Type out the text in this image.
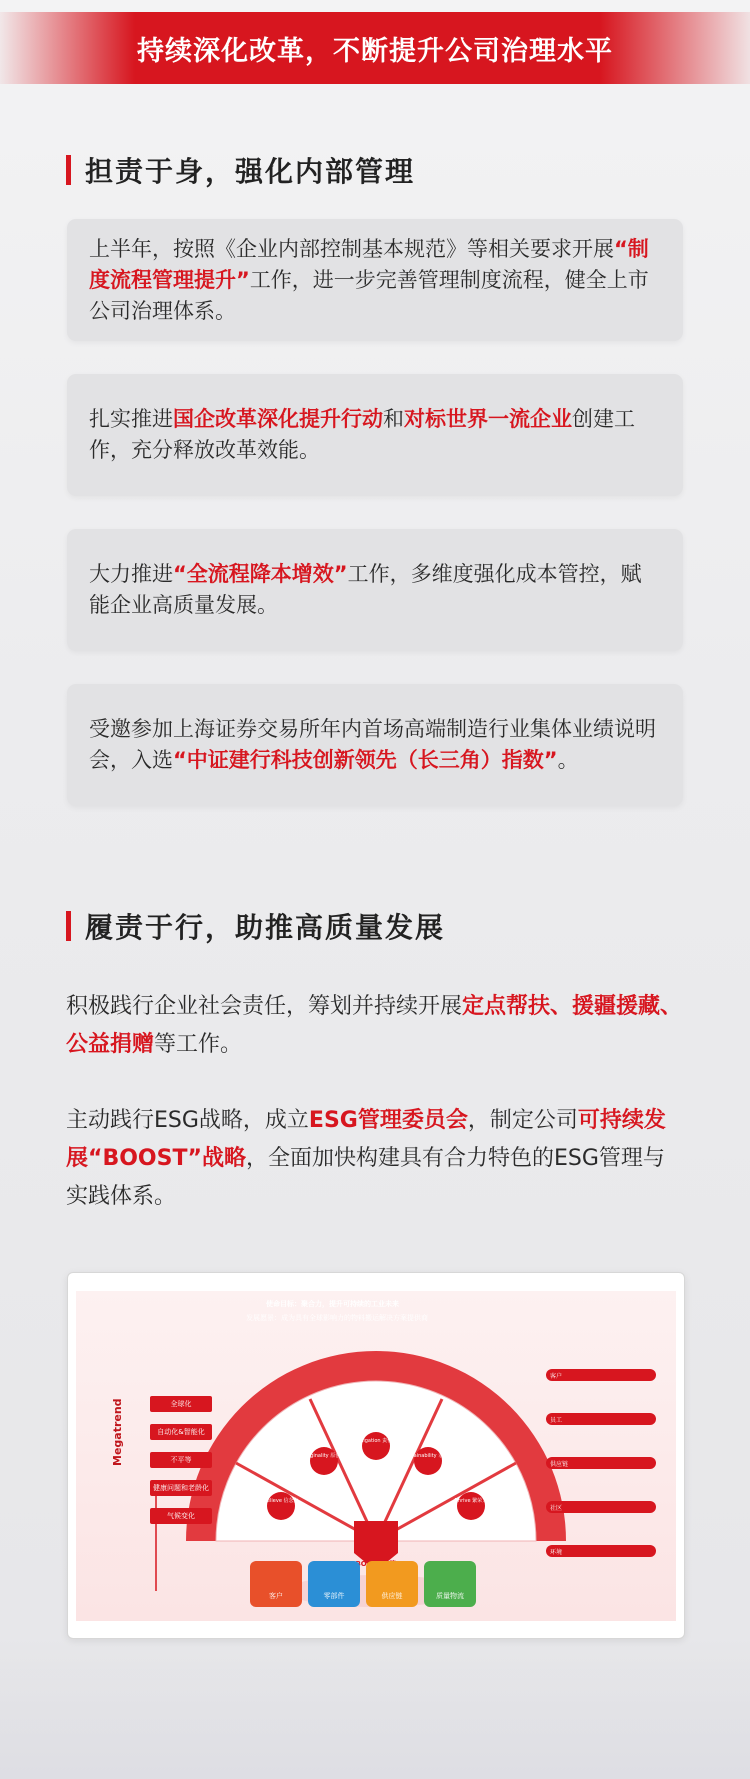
持续深化改革，不断提升公司治理水平
担责于身，强化内部管理
上半年，按照《企业内部控制基本规范》等相关要求开展“制度流程管理提升”工作，进一步完善管理制度流程，健全上市公司治理体系。
扎实推进国企改革深化提升行动和对标世界一流企业创建工作，充分释放改革效能。
大力推进“全流程降本增效”工作，多维度强化成本管控，赋能企业高质量发展。
受邀参加上海证券交易所年内首场高端制造行业集体业绩说明会，入选“中证建行科技创新领先（长三角）指数”。
履责于行，助推高质量发展
积极践行企业社会责任，筹划并持续开展定点帮扶、援疆援藏、公益捐赠等工作。
主动践行ESG战略，成立ESG管理委员会，制定公司可持续发展“BOOST”战略，全面加快构建具有合力特色的ESG管理与实践体系。
使命目标：聚合力，提升可持续的工业未来
发展愿景：成为具有全球影响力的物料搬运解决方案提供商
Megatrend	全球化
自动化&智能化
不平等
健康问题和老龄化
气候变化
Believe 信念力
Originality 原创力
Obligation 责任力
Sustainability 永续力
Thrive 繁荣力
客户	零部件	供应链	质量物流
客户
员工
供应链
社区
环境
